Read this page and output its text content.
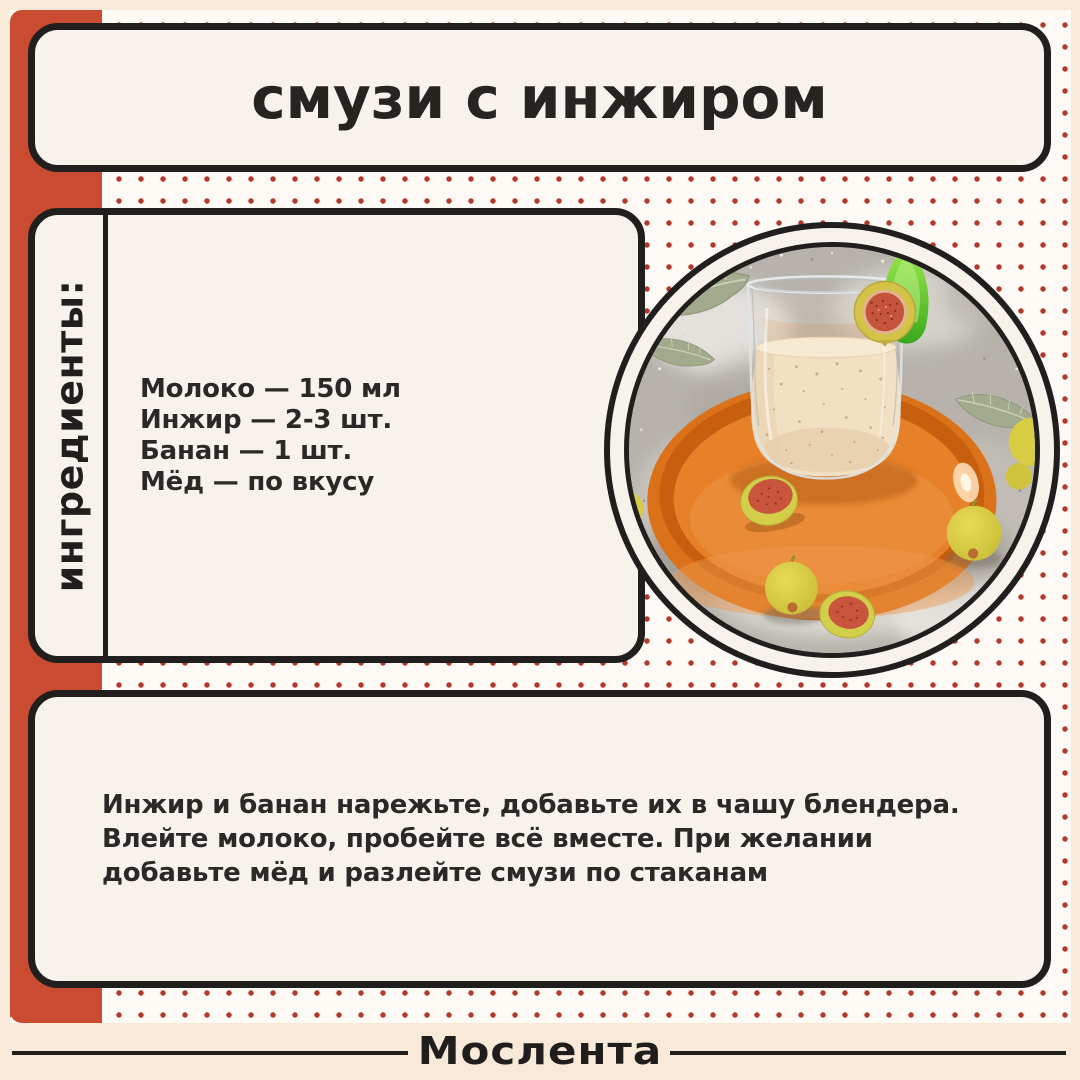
смузи с инжиром
ингредиенты: Молоко — 150 мл
Инжир — 2-3 шт.
Банан — 1 шт.
Мёд — по вкусу

Инжир и банан нарежьте, добавьте их в чашу блендера.

Влейте молоко, пробейте всё вместе. При желании

добавьте мёд и разлейте смузи по стаканам

Мослента
